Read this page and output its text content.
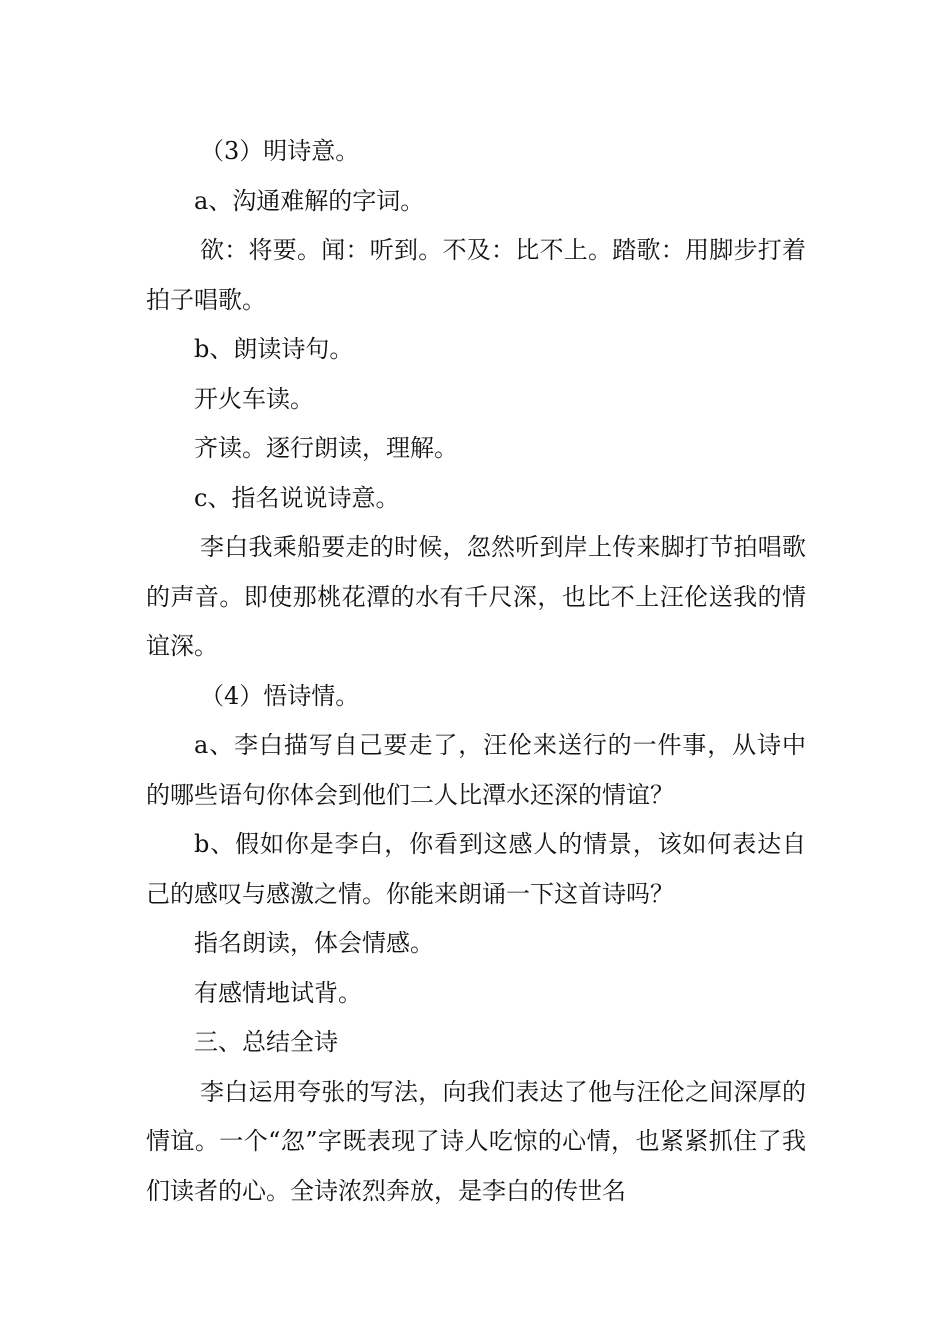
（3）明诗意。

a、沟通难解的字词。

欲：将要。闻：听到。不及：比不上。踏歌：用脚步打着拍子唱歌。

b、朗读诗句。

开火车读。

齐读。逐行朗读，理解。

c、指名说说诗意。

李白我乘船要走的时候，忽然听到岸上传来脚打节拍唱歌的声音。即使那桃花潭的水有千尺深，也比不上汪伦送我的情谊深。

（4）悟诗情。

a、李白描写自己要走了，汪伦来送行的一件事，从诗中的哪些语句你体会到他们二人比潭水还深的情谊？

b、假如你是李白，你看到这感人的情景，该如何表达自己的感叹与感激之情。你能来朗诵一下这首诗吗？

指名朗读，体会情感。

有感情地试背。

三、总结全诗

李白运用夸张的写法，向我们表达了他与汪伦之间深厚的情谊。一个“忽”字既表现了诗人吃惊的心情，也紧紧抓住了我们读者的心。全诗浓烈奔放，是李白的传世名
